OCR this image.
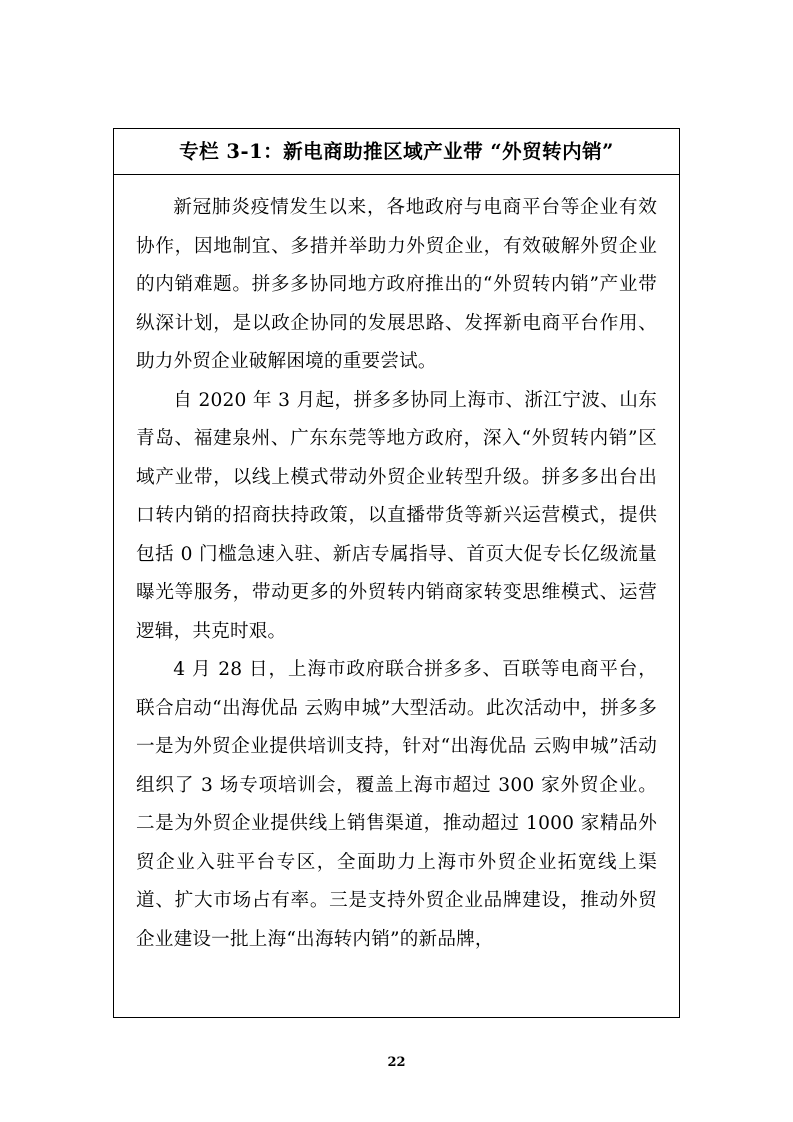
专栏 3-1：新电商助推区域产业带 “外贸转内销”

新冠肺炎疫情发生以来，各地政府与电商平台等企业有效协作，因地制宜、多措并举助力外贸企业，有效破解外贸企业的内销难题。拼多多协同地方政府推出的“外贸转内销”产业带纵深计划，是以政企协同的发展思路、发挥新电商平台作用、助力外贸企业破解困境的重要尝试。

自 2020 年 3 月起，拼多多协同上海市、浙江宁波、山东青岛、福建泉州、广东东莞等地方政府，深入“外贸转内销”区域产业带，以线上模式带动外贸企业转型升级。拼多多出台出口转内销的招商扶持政策，以直播带货等新兴运营模式，提供包括 0 门槛急速入驻、新店专属指导、首页大促专长亿级流量曝光等服务，带动更多的外贸转内销商家转变思维模式、运营逻辑，共克时艰。

4 月 28 日，上海市政府联合拼多多、百联等电商平台，联合启动“出海优品 云购申城”大型活动。此次活动中，拼多多一是为外贸企业提供培训支持，针对“出海优品 云购申城”活动组织了 3 场专项培训会，覆盖上海市超过 300 家外贸企业。二是为外贸企业提供线上销售渠道，推动超过 1000 家精品外贸企业入驻平台专区，全面助力上海市外贸企业拓宽线上渠道、扩大市场占有率。三是支持外贸企业品牌建设，推动外贸企业建设一批上海“出海转内销”的新品牌，

22
